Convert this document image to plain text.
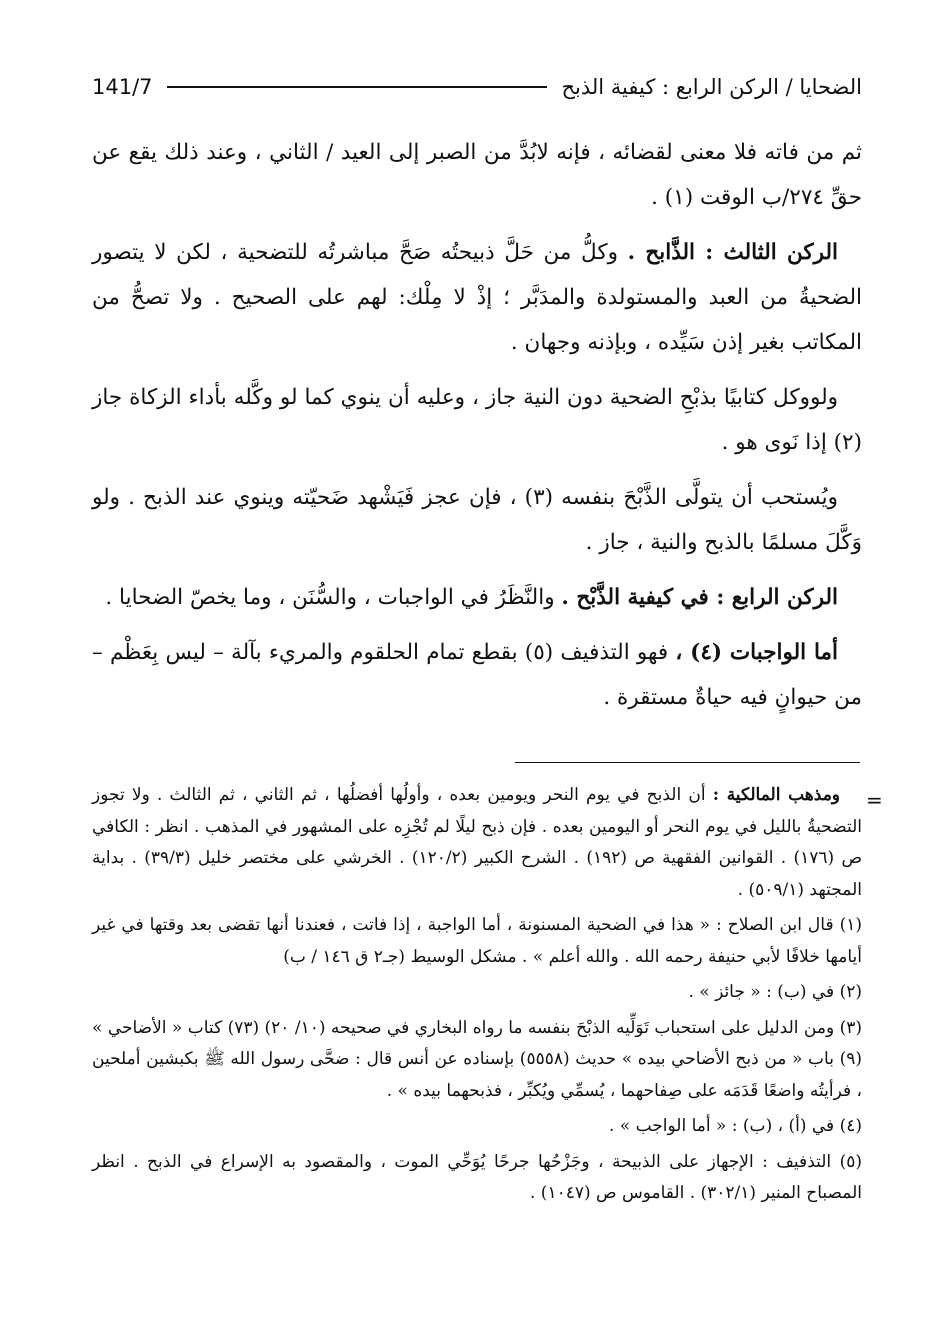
الضحايا / الركن الرابع : كيفية الذبح
141/7

ثم من فاته فلا معنى لقضائه ، فإنه لابُدَّ من الصبر إلى العيد / الثاني ، وعند ذلك يقع عن حقِّ ٢٧٤/ب الوقت (١) .

الركن الثالث : الذَّابح . وكلُّ من حَلَّ ذبيحتُه صَحَّ مباشرتُه للتضحية ، لكن لا يتصور الضحيةُ من العبد والمستولدة والمدَبَّر ؛ إذْ لا مِلْك: لهم على الصحيح . ولا تصحُّ من المكاتب بغير إذن سَيِّده ، وبإذنه وجهان .

ولووكل كتابيًا بذبْحِ الضحية دون النية جاز ، وعليه أن ينوي كما لو وكَّله بأداء الزكاة جاز (٢) إذا نَوى هو .

ويُستحب أن يتولَّى الذَّبْحَ بنفسه (٣) ، فإن عجز فَيَشْهد ضَحيّته وينوي عند الذبح . ولو وَكَّلَ مسلمًا بالذبح والنية ، جاز .

الركن الرابع : في كيفية الذَّبْح . والنَّظَرُ في الواجبات ، والسُّنَن ، وما يخصّ الضحايا .

أما الواجبات (٤) ، فهو التذفيف (٥) بقطع تمام الحلقوم والمريء بآلة – ليس بِعَظْم – من حيوانٍ فيه حياةٌ مستقرة .

=

ومذهب المالكية : أن الذبح في يوم النحر ويومين بعده ، وأولُها أفضلُها ، ثم الثاني ، ثم الثالث . ولا تجوز التضحيةُ بالليل في يوم النحر أو اليومين بعده . فإن ذبح ليلًا لم تُجْزِه على المشهور في المذهب . انظر : الكافي ص (١٧٦) . القوانين الفقهية ص (١٩٢) . الشرح الكبير (١٢٠/٢) . الخرشي على مختصر خليل (٣٩/٣) . بداية المجتهد (٥٠٩/١) .

(١) قال ابن الصلاح : « هذا في الضحية المسنونة ، أما الواجبة ، إذا فاتت ، فعندنا أنها تقضى بعد وقتها في غير أيامها خلافًا لأبي حنيفة رحمه الله . والله أعلم » . مشكل الوسيط (جـ٢ ق ١٤٦ / ب)

(٢) في (ب) : « جائز » .

(٣) ومن الدليل على استحباب تَوَلِّيه الذبْحَ بنفسه ما رواه البخاري في صحيحه (١٠/ ٢٠) (٧٣) كتاب « الأضاحي » (٩) باب « من ذبح الأضاحي بيده » حديث (٥٥٥٨) بإسناده عن أنس قال : ضحَّى رسول الله ﷺ بكبشين أملحين ، فرأيتُه واضعًا قَدَمَه على صِفاحهما ، يُسمِّي ويُكبِّر ، فذبحهما بيده » .

(٤) في (أ) ، (ب) : « أما الواجب » .

(٥) التذفيف : الإجهاز على الذبيحة ، وجَزْحُها جرحًا يُوَحِّي الموت ، والمقصود به الإسراع في الذبح . انظر المصباح المنير (٣٠٢/١) . القاموس ص (١٠٤٧) .
